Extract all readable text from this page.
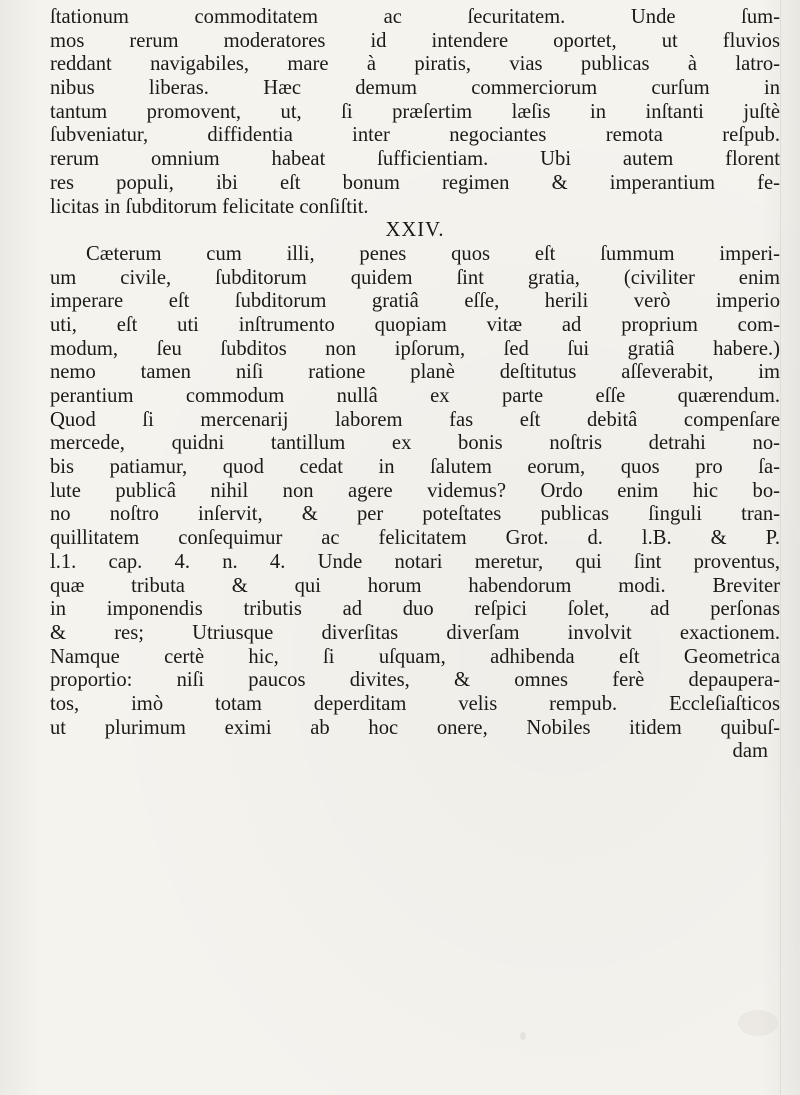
ſtationum commoditatem ac ſecuritatem. Unde ſum-
mos rerum moderatores id intendere oportet, ut fluvios
reddant navigabiles, mare à piratis, vias publicas à latro-
nibus liberas. Hæc demum commerciorum curſum in
tantum promovent, ut, ſi præſertim læſis in inſtanti juſtè
ſubveniatur, diffidentia inter negociantes remota reſpub.
rerum omnium habeat ſufficientiam. Ubi autem florent
res populi, ibi eſt bonum regimen & imperantium fe-
licitas in ſubditorum felicitate conſiſtit.
XXIV.
Cæterum cum illi, penes quos eſt ſummum imperi-
um civile, ſubditorum quidem ſint gratia, (civiliter enim
imperare eſt ſubditorum gratiâ eſſe, herili verò imperio
uti, eſt uti inſtrumento quopiam vitæ ad proprium com-
modum, ſeu ſubditos non ipſorum, ſed ſui gratiâ habere.)
nemo tamen niſi ratione planè deſtitutus aſſeverabit, im
perantium commodum nullâ ex parte eſſe quærendum.
Quod ſi mercenarij laborem fas eſt debitâ compenſare
mercede, quidni tantillum ex bonis noſtris detrahi no-
bis patiamur, quod cedat in ſalutem eorum, quos pro ſa-
lute publicâ nihil non agere videmus? Ordo enim hic bo-
no noſtro inſervit, & per poteſtates publicas ſinguli tran-
quillitatem conſequimur ac felicitatem Grot. d. l.B. & P.
l.1. cap. 4. n. 4. Unde notari meretur, qui ſint proventus,
quæ tributa & qui horum habendorum modi. Breviter
in imponendis tributis ad duo reſpici ſolet, ad perſonas
& res; Utriusque diverſitas diverſam involvit exactionem.
Namque certè hic, ſi uſquam, adhibenda eſt Geometrica
proportio: niſi paucos divites, & omnes ferè depaupera-
tos, imò totam deperditam velis rempub. Eccleſiaſticos
ut plurimum eximi ab hoc onere, Nobiles itidem quibuſ-
dam
